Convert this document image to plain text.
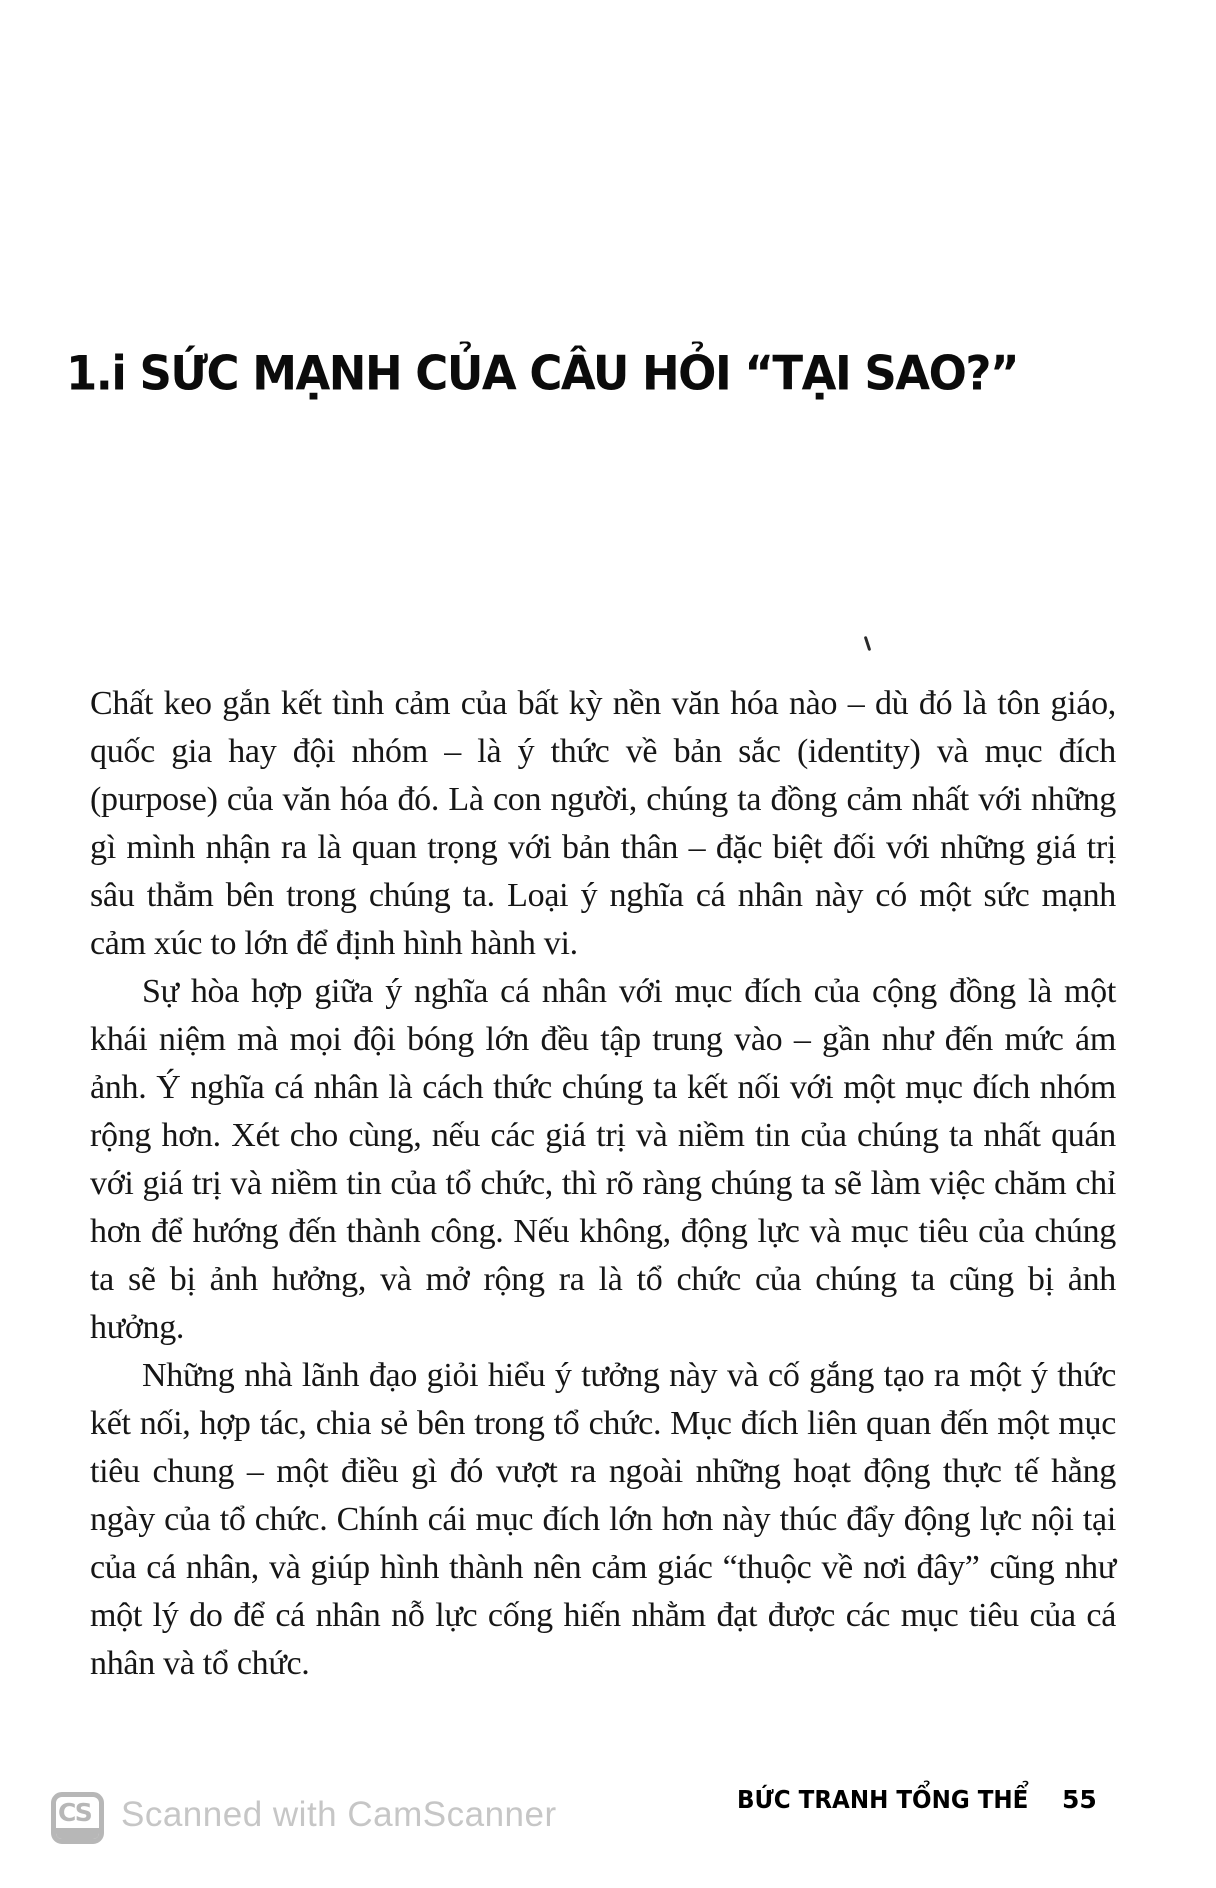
1.i SỨC MẠNH CỦA CÂU HỎI “TẠI SAO?”

Chất keo gắn kết tình cảm của bất kỳ nền văn hóa nào – dù đó là tôn giáo, quốc gia hay đội nhóm – là ý thức về bản sắc (identity) và mục đích (purpose) của văn hóa đó. Là con người, chúng ta đồng cảm nhất với những gì mình nhận ra là quan trọng với bản thân – đặc biệt đối với những giá trị sâu thẳm bên trong chúng ta. Loại ý nghĩa cá nhân này có một sức mạnh cảm xúc to lớn để định hình hành vi.

Sự hòa hợp giữa ý nghĩa cá nhân với mục đích của cộng đồng là một khái niệm mà mọi đội bóng lớn đều tập trung vào – gần như đến mức ám ảnh. Ý nghĩa cá nhân là cách thức chúng ta kết nối với một mục đích nhóm rộng hơn. Xét cho cùng, nếu các giá trị và niềm tin của chúng ta nhất quán với giá trị và niềm tin của tổ chức, thì rõ ràng chúng ta sẽ làm việc chăm chỉ hơn để hướng đến thành công. Nếu không, động lực và mục tiêu của chúng ta sẽ bị ảnh hưởng, và mở rộng ra là tổ chức của chúng ta cũng bị ảnh hưởng.

Những nhà lãnh đạo giỏi hiểu ý tưởng này và cố gắng tạo ra một ý thức kết nối, hợp tác, chia sẻ bên trong tổ chức. Mục đích liên quan đến một mục tiêu chung – một điều gì đó vượt ra ngoài những hoạt động thực tế hằng ngày của tổ chức. Chính cái mục đích lớn hơn này thúc đẩy động lực nội tại của cá nhân, và giúp hình thành nên cảm giác “thuộc về nơi đây” cũng như một lý do để cá nhân nỗ lực cống hiến nhằm đạt được các mục tiêu của cá nhân và tổ chức.

BỨC TRANH TỔNG THỂ 55
CS Scanned with CamScanner
